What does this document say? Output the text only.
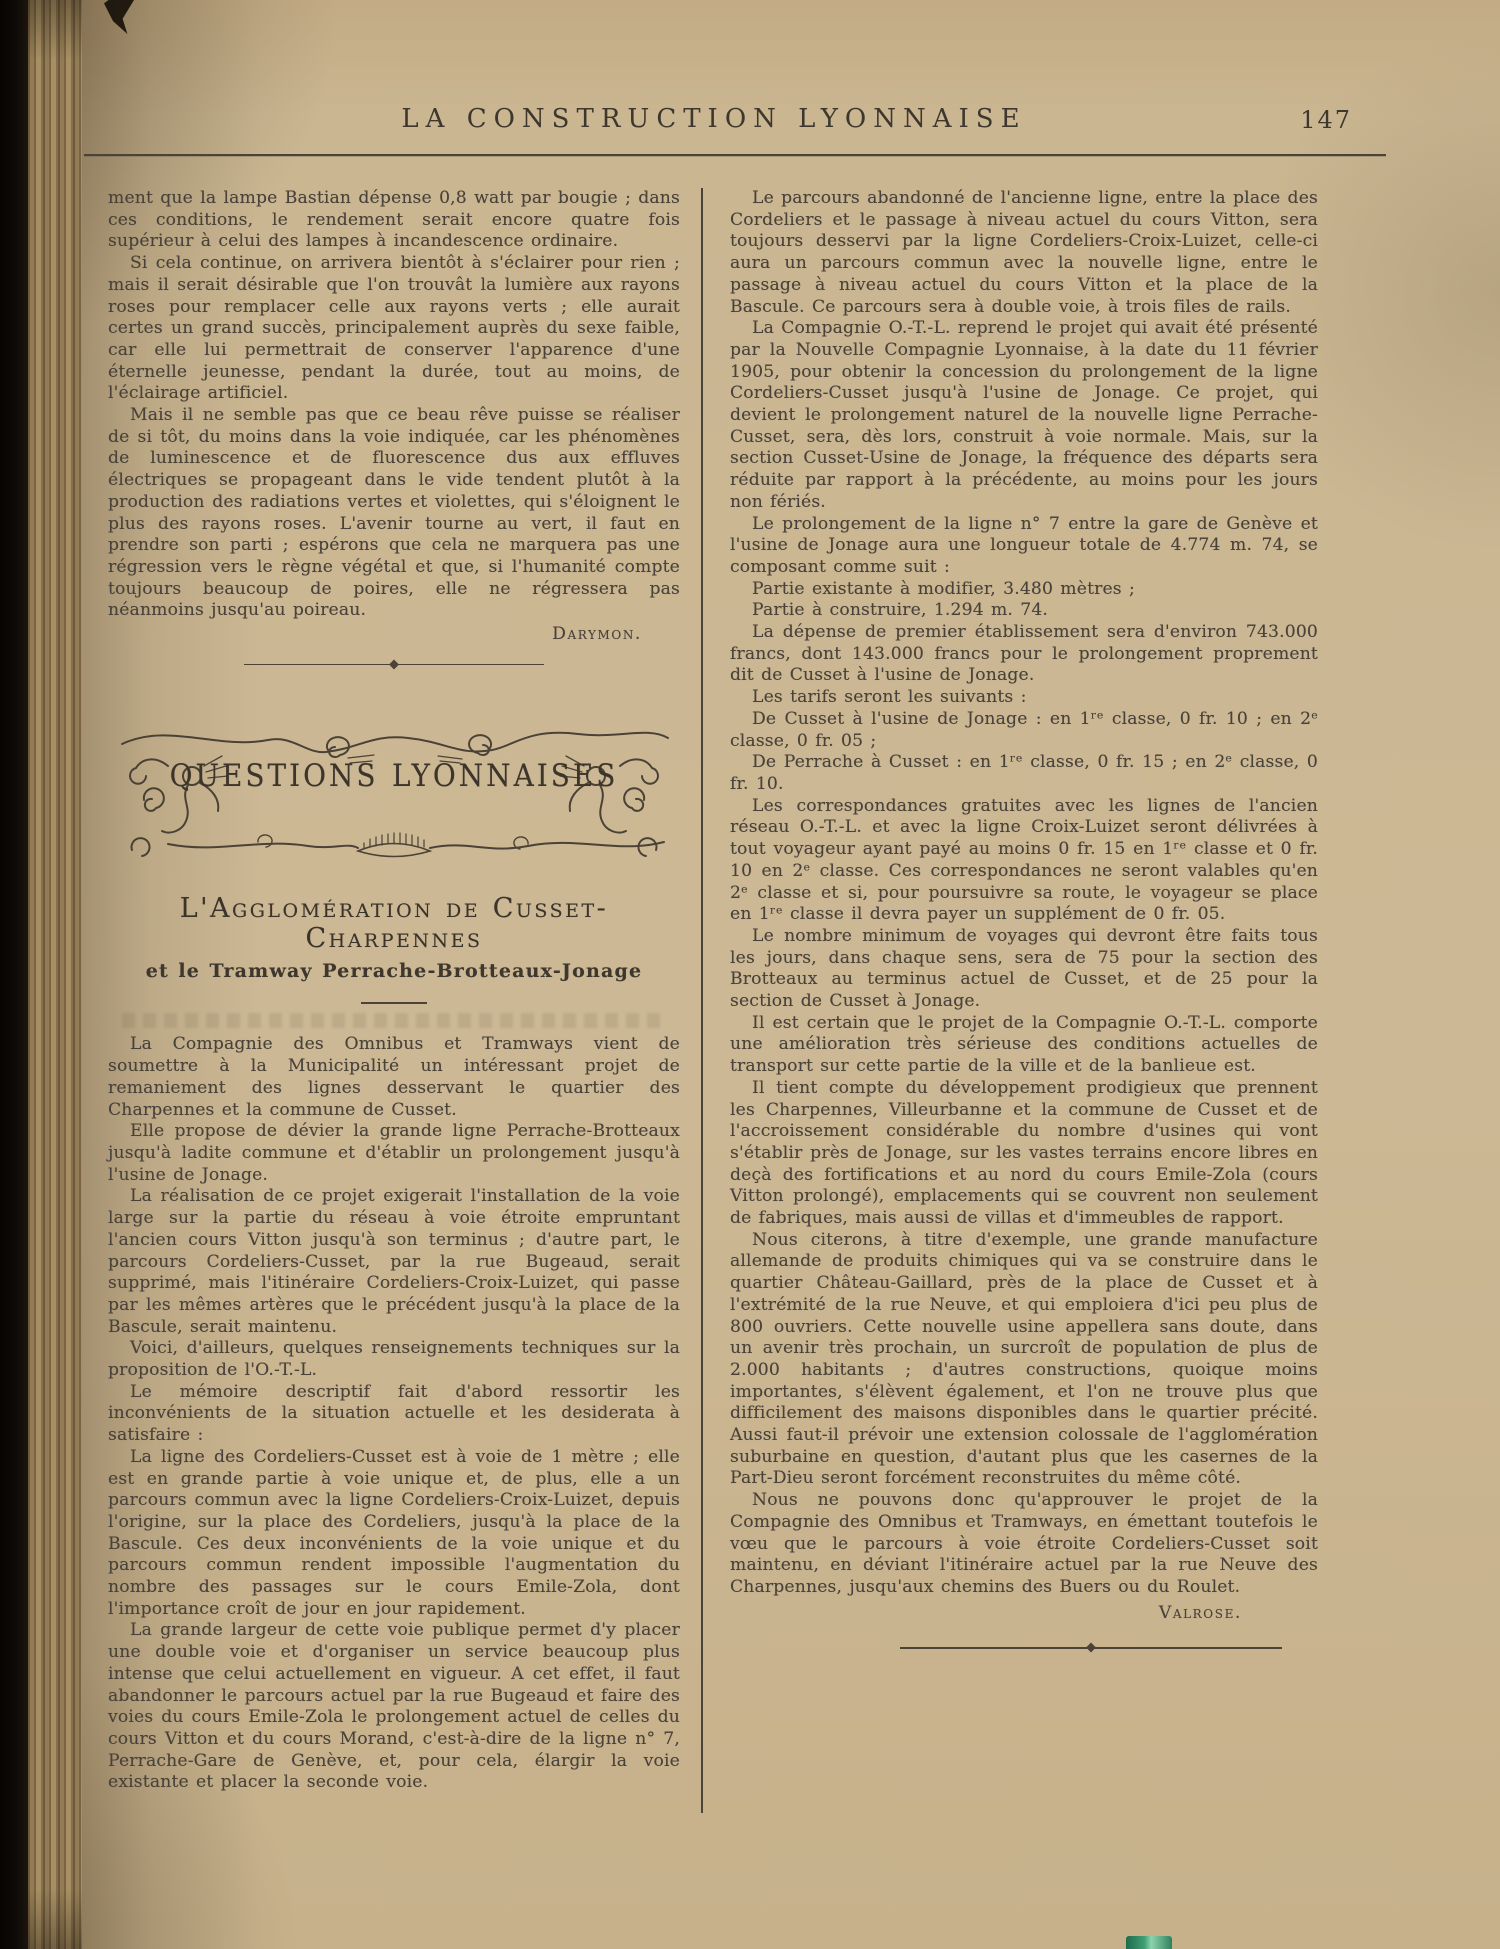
LA CONSTRUCTION LYONNAISE	147

ment que la lampe Bastian dépense 0,8 watt par bougie ; dans ces conditions, le rendement serait encore quatre fois supérieur à celui des lampes à incandescence ordinaire.

Si cela continue, on arrivera bientôt à s'éclairer pour rien ; mais il serait désirable que l'on trouvât la lumière aux rayons roses pour remplacer celle aux rayons verts ; elle aurait certes un grand succès, principalement auprès du sexe faible, car elle lui permettrait de conserver l'apparence d'une éternelle jeunesse, pendant la durée, tout au moins, de l'éclairage artificiel.

Mais il ne semble pas que ce beau rêve puisse se réaliser de si tôt, du moins dans la voie indiquée, car les phénomènes de luminescence et de fluorescence dus aux effluves électriques se propageant dans le vide tendent plutôt à la production des radiations vertes et violettes, qui s'éloignent le plus des rayons roses. L'avenir tourne au vert, il faut en prendre son parti ; espérons que cela ne marquera pas une régression vers le règne végétal et que, si l'humanité compte toujours beaucoup de poires, elle ne régressera pas néanmoins jusqu'au poireau.

Darymon.
QUESTIONS LYONNAISES
L'Agglomération de Cusset-Charpennes
et le Tramway Perrache-Brotteaux-Jonage

La Compagnie des Omnibus et Tramways vient de soumettre à la Municipalité un intéressant projet de remaniement des lignes desservant le quartier des Charpennes et la commune de Cusset.

Elle propose de dévier la grande ligne Perrache-Brotteaux jusqu'à ladite commune et d'établir un prolongement jusqu'à l'usine de Jonage.

La réalisation de ce projet exigerait l'installation de la voie large sur la partie du réseau à voie étroite empruntant l'ancien cours Vitton jusqu'à son terminus ; d'autre part, le parcours Cordeliers-Cusset, par la rue Bugeaud, serait supprimé, mais l'itinéraire Cordeliers-Croix-Luizet, qui passe par les mêmes artères que le précédent jusqu'à la place de la Bascule, serait maintenu.

Voici, d'ailleurs, quelques renseignements techniques sur la proposition de l'O.-T.-L.

Le mémoire descriptif fait d'abord ressortir les inconvénients de la situation actuelle et les desiderata à satisfaire :

La ligne des Cordeliers-Cusset est à voie de 1 mètre ; elle est en grande partie à voie unique et, de plus, elle a un parcours commun avec la ligne Cordeliers-Croix-Luizet, depuis l'origine, sur la place des Cordeliers, jusqu'à la place de la Bascule. Ces deux inconvénients de la voie unique et du parcours commun rendent impossible l'augmentation du nombre des passages sur le cours Emile-Zola, dont l'importance croît de jour en jour rapidement.

La grande largeur de cette voie publique permet d'y placer une double voie et d'organiser un service beaucoup plus intense que celui actuellement en vigueur. A cet effet, il faut abandonner le parcours actuel par la rue Bugeaud et faire des voies du cours Emile-Zola le prolongement actuel de celles du cours Vitton et du cours Morand, c'est-à-dire de la ligne n° 7, Perrache-Gare de Genève, et, pour cela, élargir la voie existante et placer la seconde voie.

Le parcours abandonné de l'ancienne ligne, entre la place des Cordeliers et le passage à niveau actuel du cours Vitton, sera toujours desservi par la ligne Cordeliers-Croix-Luizet, celle-ci aura un parcours commun avec la nouvelle ligne, entre le passage à niveau actuel du cours Vitton et la place de la Bascule. Ce parcours sera à double voie, à trois files de rails.

La Compagnie O.-T.-L. reprend le projet qui avait été présenté par la Nouvelle Compagnie Lyonnaise, à la date du 11 février 1905, pour obtenir la concession du prolongement de la ligne Cordeliers-Cusset jusqu'à l'usine de Jonage. Ce projet, qui devient le prolongement naturel de la nouvelle ligne Perrache-Cusset, sera, dès lors, construit à voie normale. Mais, sur la section Cusset-Usine de Jonage, la fréquence des départs sera réduite par rapport à la précédente, au moins pour les jours non fériés.

Le prolongement de la ligne n° 7 entre la gare de Genève et l'usine de Jonage aura une longueur totale de 4.774 m. 74, se composant comme suit :

Partie existante à modifier, 3.480 mètres ;

Partie à construire, 1.294 m. 74.

La dépense de premier établissement sera d'environ 743.000 francs, dont 143.000 francs pour le prolongement proprement dit de Cusset à l'usine de Jonage.

Les tarifs seront les suivants :

De Cusset à l'usine de Jonage : en 1ʳᵉ classe, 0 fr. 10 ; en 2ᵉ classe, 0 fr. 05 ;

De Perrache à Cusset : en 1ʳᵉ classe, 0 fr. 15 ; en 2ᵉ classe, 0 fr. 10.

Les correspondances gratuites avec les lignes de l'ancien réseau O.-T.-L. et avec la ligne Croix-Luizet seront délivrées à tout voyageur ayant payé au moins 0 fr. 15 en 1ʳᵉ classe et 0 fr. 10 en 2ᵉ classe. Ces correspondances ne seront valables qu'en 2ᵉ classe et si, pour poursuivre sa route, le voyageur se place en 1ʳᵉ classe il devra payer un supplément de 0 fr. 05.

Le nombre minimum de voyages qui devront être faits tous les jours, dans chaque sens, sera de 75 pour la section des Brotteaux au terminus actuel de Cusset, et de 25 pour la section de Cusset à Jonage.

Il est certain que le projet de la Compagnie O.-T.-L. comporte une amélioration très sérieuse des conditions actuelles de transport sur cette partie de la ville et de la banlieue est.

Il tient compte du développement prodigieux que prennent les Charpennes, Villeurbanne et la commune de Cusset et de l'accroissement considérable du nombre d'usines qui vont s'établir près de Jonage, sur les vastes terrains encore libres en deçà des fortifications et au nord du cours Emile-Zola (cours Vitton prolongé), emplacements qui se couvrent non seulement de fabriques, mais aussi de villas et d'immeubles de rapport.

Nous citerons, à titre d'exemple, une grande manufacture allemande de produits chimiques qui va se construire dans le quartier Château-Gaillard, près de la place de Cusset et à l'extrémité de la rue Neuve, et qui emploiera d'ici peu plus de 800 ouvriers. Cette nouvelle usine appellera sans doute, dans un avenir très prochain, un surcroît de population de plus de 2.000 habitants ; d'autres constructions, quoique moins importantes, s'élèvent également, et l'on ne trouve plus que difficilement des maisons disponibles dans le quartier précité. Aussi faut-il prévoir une extension colossale de l'agglomération suburbaine en question, d'autant plus que les casernes de la Part-Dieu seront forcément reconstruites du même côté.

Nous ne pouvons donc qu'approuver le projet de la Compagnie des Omnibus et Tramways, en émettant toutefois le vœu que le parcours à voie étroite Cordeliers-Cusset soit maintenu, en déviant l'itinéraire actuel par la rue Neuve des Charpennes, jusqu'aux chemins des Buers ou du Roulet.

Valrose.
